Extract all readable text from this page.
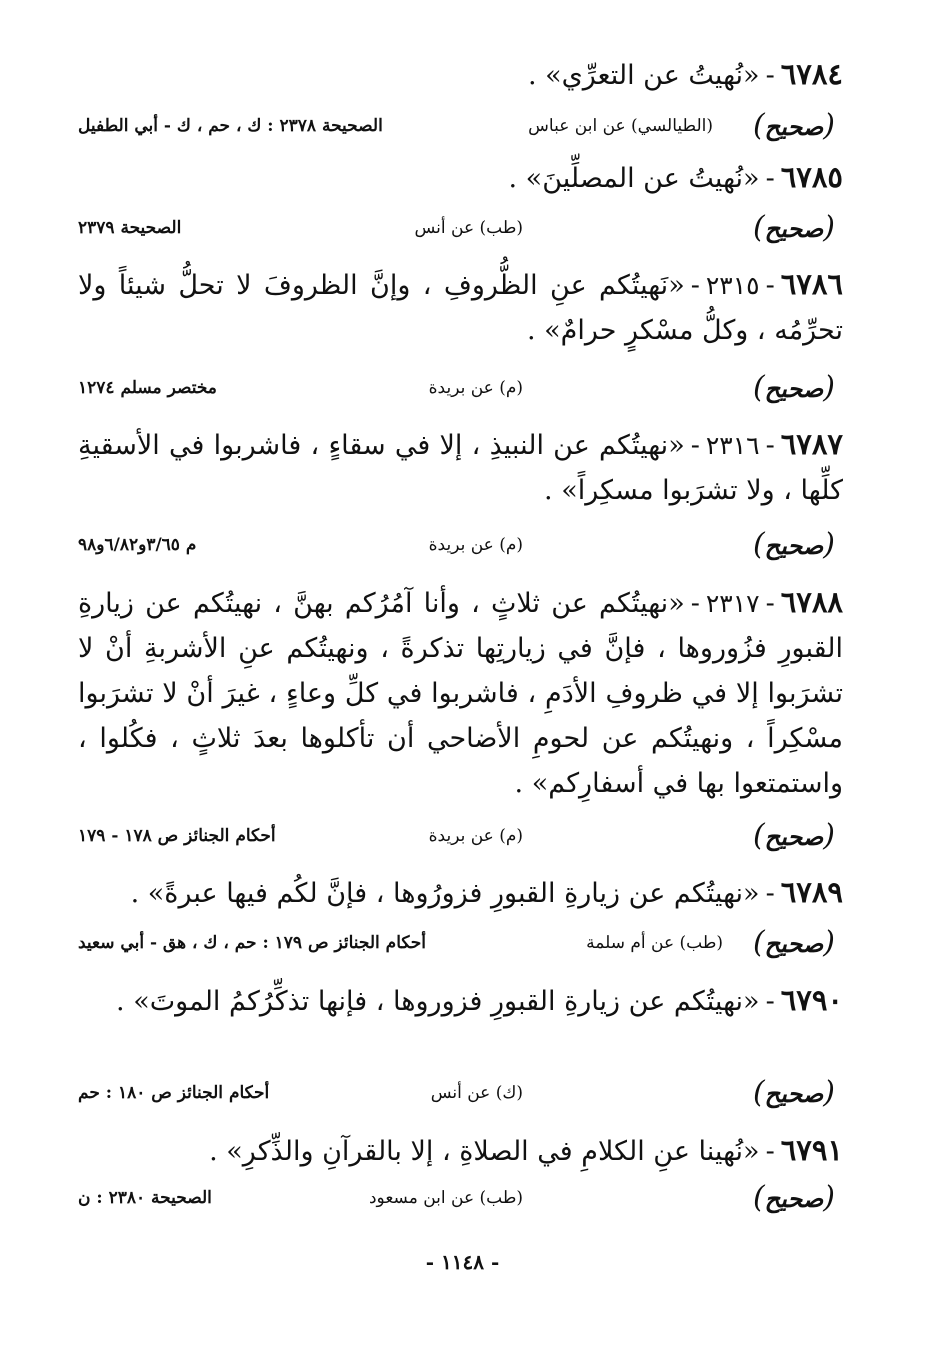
٦٧٨٤-«نُهيتُ عن التعرِّي» .
( صحيح )
(الطيالسي) عن ابن عباس
الصحيحة ٢٣٧٨ : ك ، حم ، ك - أبي الطفيل
٦٧٨٥-«نُهيتُ عن المصلِّينَ» .
( صحيح )
(طب) عن أنس
الصحيحة ٢٣٧٩
٦٧٨٦-٢٣١٥-«نَهيتُكم عنِ الظُّروفِ ، وإنَّ الظروفَ لا تحلُّ شيئاً ولا تحرِّمُه ، وكلُّ مسْكرٍ حرامٌ» .
( صحيح )
(م) عن بريدة
مختصر مسلم ١٢٧٤
٦٧٨٧-٢٣١٦-«نهيتُكم عن النبيذِ ، إلا في سقاءٍ ، فاشربوا في الأسقيةِ كلِّها ، ولا تشرَبوا مسكِراً» .
( صحيح )
(م) عن بريدة
م ٣/٦٥و٦/٨٢و٩٨
٦٧٨٨-٢٣١٧-«نهيتُكم عن ثلاثٍ ، وأنا آمُرُكم بهنَّ ، نهيتُكم عن زيارةِ القبورِ فزُوروها ، فإنَّ في زيارتِها تذكرةً ، ونهيتُكم عنِ الأشربةِ أنْ لا تشرَبوا إلا في ظروفِ الأدَمِ ، فاشربوا في كلِّ وعاءٍ ، غيرَ أنْ لا تشرَبوا مسْكِراً ، ونهيتُكم عن لحومِ الأضاحي أن تأكلوها بعدَ ثلاثٍ ، فكُلوا ، واستمتعوا بها في أسفارِكم» .
( صحيح )
(م) عن بريدة
أحكام الجنائز ص ١٧٨ - ١٧٩
٦٧٨٩-«نهيتُكم عن زيارةِ القبورِ فزورُوها ، فإنَّ لكُم فيها عبرةً» .
( صحيح )
(طب) عن أم سلمة
أحكام الجنائز ص ١٧٩ : حم ، ك ، هق - أبي سعيد
٦٧٩٠-«نهيتُكم عن زيارةِ القبورِ فزوروها ، فإنها تذكِّرُكمُ الموتَ» .
( صحيح )
(ك) عن أنس
أحكام الجنائز ص ١٨٠ : حم
٦٧٩١-«نُهينا عنِ الكلامِ في الصلاةِ ، إلا بالقرآنِ والذِّكرِ» .
( صحيح )
(طب) عن ابن مسعود
الصحيحة ٢٣٨٠ : ن
- ١١٤٨ -
